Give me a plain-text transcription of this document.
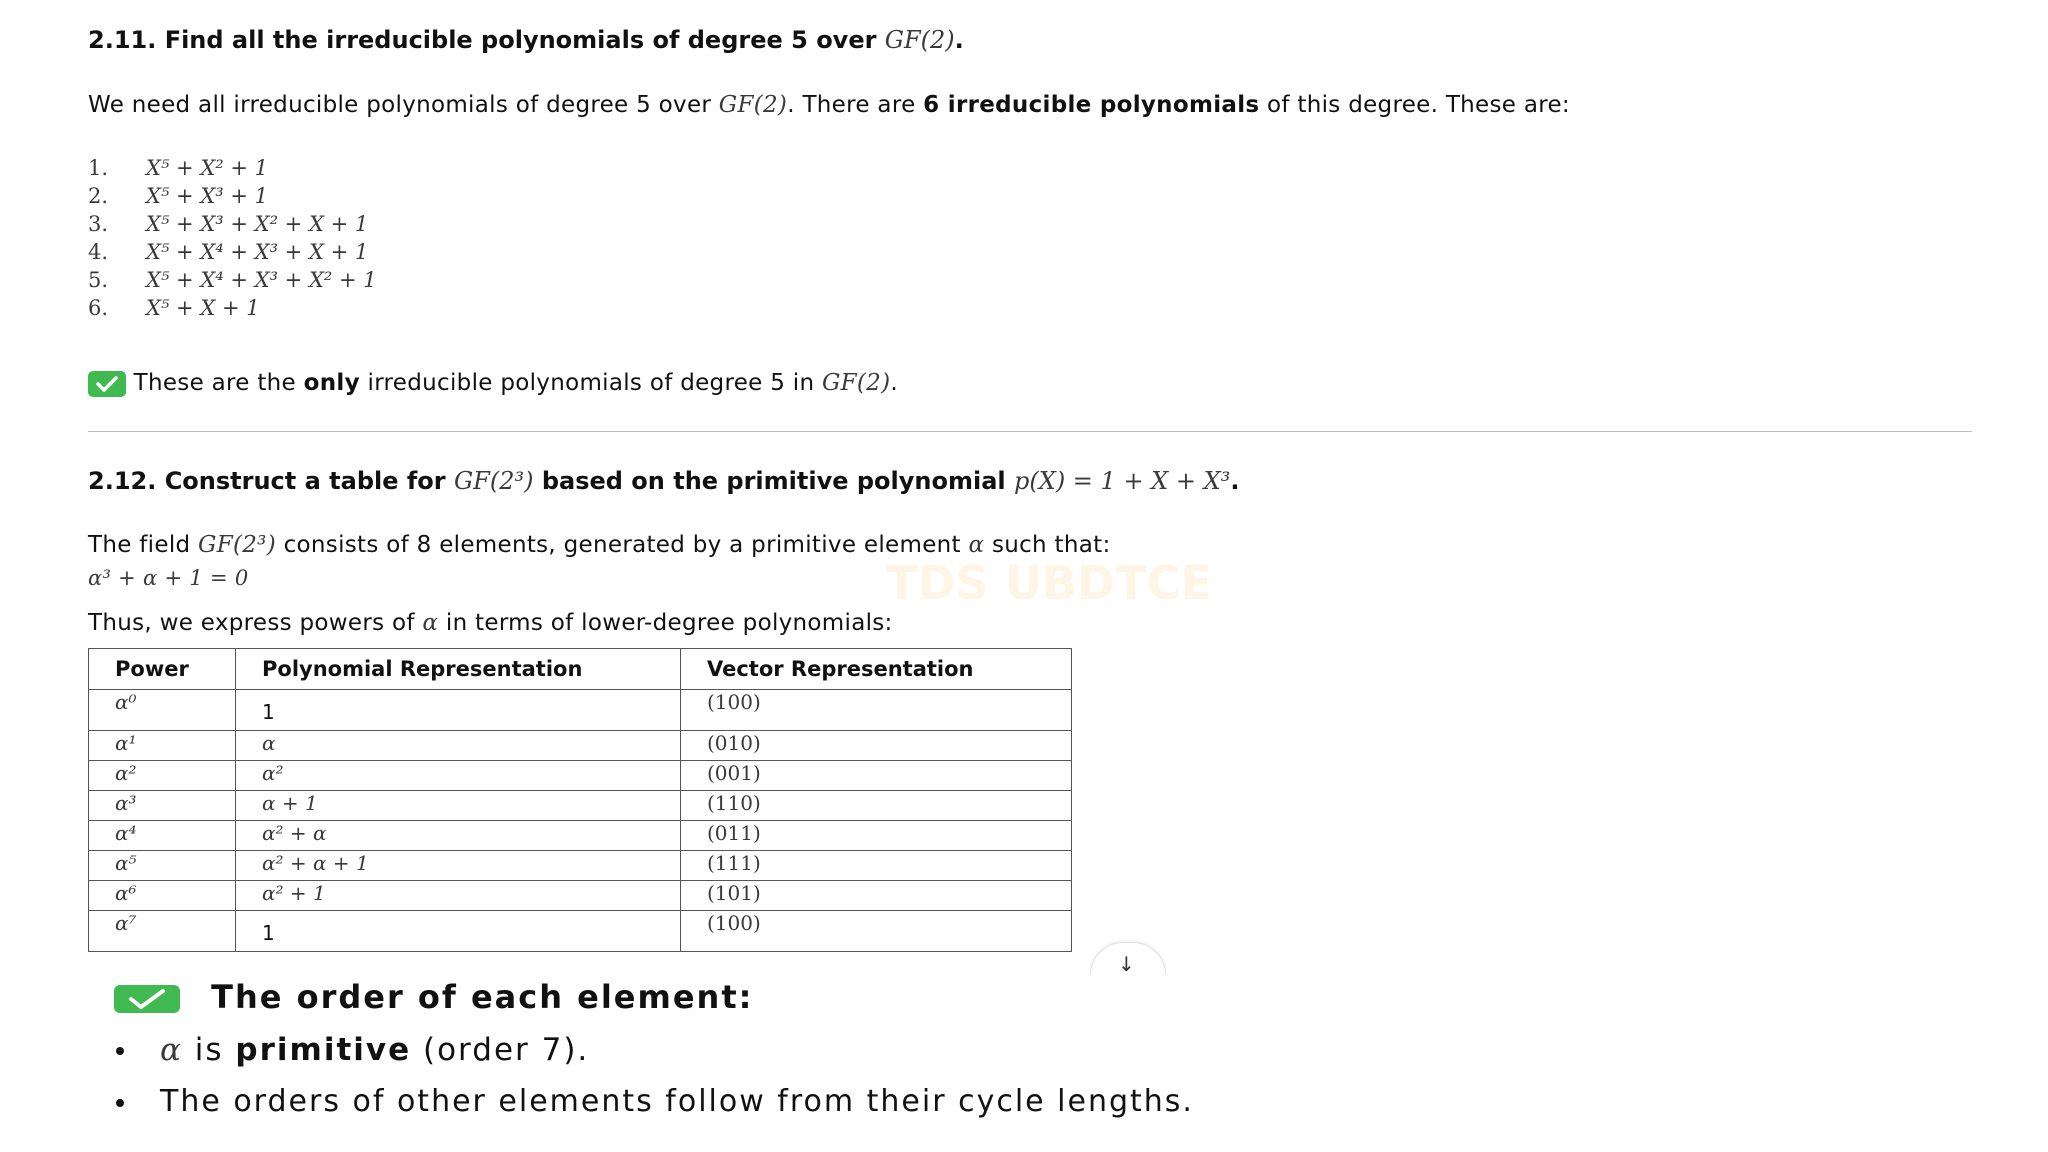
2.11. Find all the irreducible polynomials of degree 5 over GF(2).
We need all irreducible polynomials of degree 5 over GF(2). There are 6 irreducible polynomials of this degree. These are:
1. X⁵ + X² + 1
2. X⁵ + X³ + 1
3. X⁵ + X³ + X² + X + 1
4. X⁵ + X⁴ + X³ + X + 1
5. X⁵ + X⁴ + X³ + X² + 1
6. X⁵ + X + 1
These are the only irreducible polynomials of degree 5 in GF(2).
2.12. Construct a table for GF(2³) based on the primitive polynomial p(X) = 1 + X + X³.
The field GF(2³) consists of 8 elements, generated by a primitive element α such that:
α³ + α + 1 = 0	TDS UBDTCE
Thus, we express powers of α in terms of lower-degree polynomials:
Power	Polynomial Representation	Vector Representation
α⁰	1	(100)
α¹	α	(010)
α²	α²	(001)
α³	α + 1	(110)
α⁴	α² + α	(011)
α⁵	α² + α + 1	(111)
α⁶	α² + 1	(101)
α⁷	1	(100)
↓
The order of each element:
α is primitive (order 7).
The orders of other elements follow from their cycle lengths.
